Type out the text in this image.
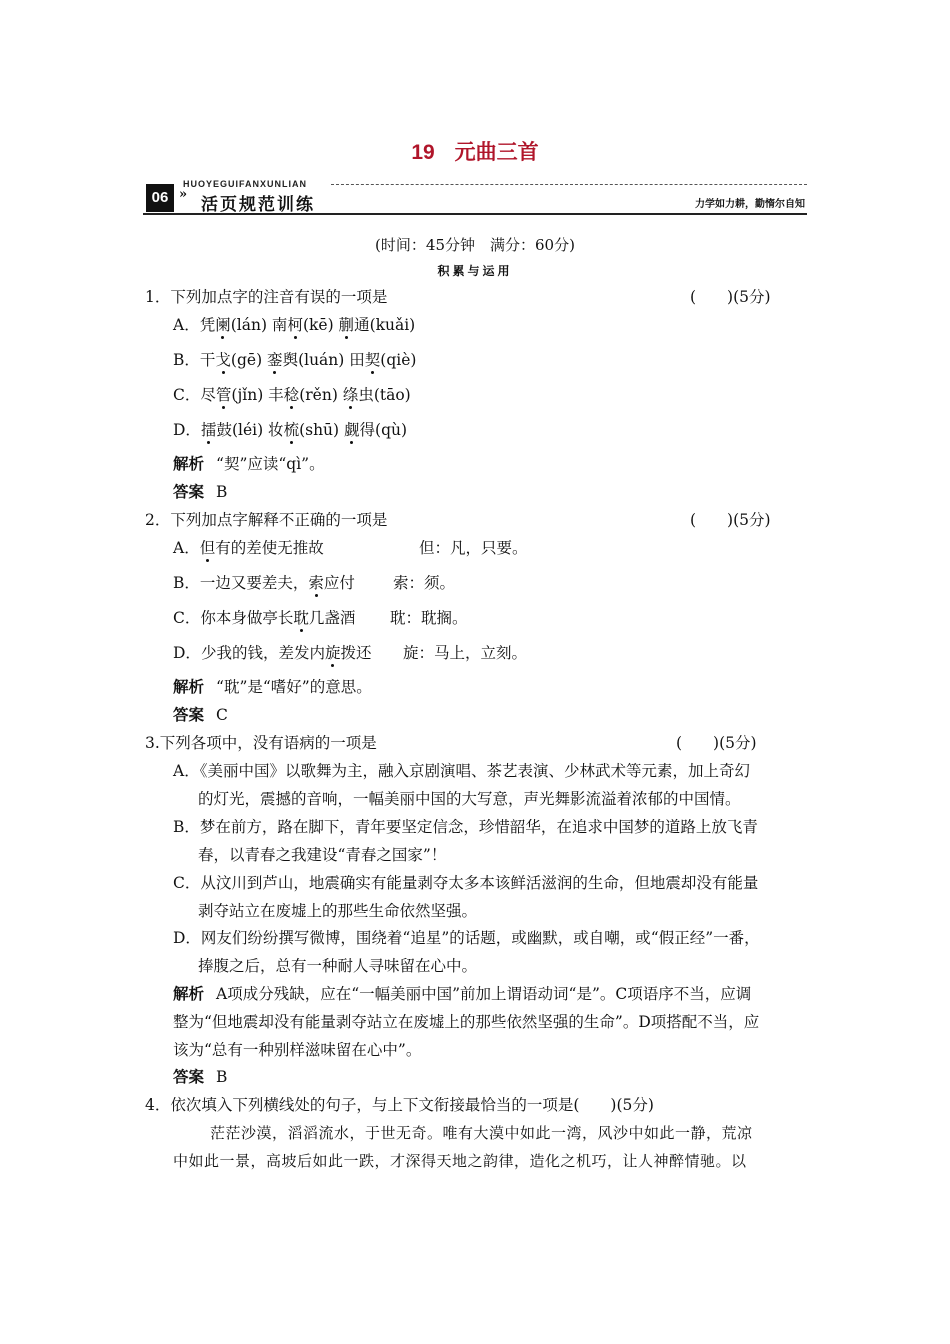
19 元曲三首
06
HUOYEGUIFANXUNLIAN
»
活页规范训练	力学如力耕，勤惰尔自知
(时间：45分钟　满分：60分)
积累与运用
1．下列加点字的注音有误的一项是	(　　)(5分)
A．凭阑(lán) 南柯(kē) 蒯通(kuǎi)
B．干戈(gē) 銮舆(luán) 田契(qiè)
C．尽管(jǐn) 丰稔(rěn) 绦虫(tāo)
D．擂鼓(léi) 妆梳(shū) 觑得(qù)
解析 “契”应读“qì”。
答案 B
2．下列加点字解释不正确的一项是	(　　)(5分)
A．但有的差使无推故	但：凡，只要。
B．一边又要差夫，索应付 索：须。
C．你本身做亭长耽几盏酒 耽：耽搁。
D．少我的钱，差发内旋拨还 旋：马上，立刻。
解析 “耽”是“嗜好”的意思。
答案 C
3.下列各项中，没有语病的一项是	(　　)(5分)
A．《美丽中国》以歌舞为主，融入京剧演唱、茶艺表演、少林武术等元素，加上奇幻
的灯光，震撼的音响，一幅美丽中国的大写意，声光舞影流溢着浓郁的中国情。
B．梦在前方，路在脚下，青年要坚定信念，珍惜韶华，在追求中国梦的道路上放飞青
春，以青春之我建设“青春之国家”！
C．从汶川到芦山，地震确实有能量剥夺太多本该鲜活滋润的生命，但地震却没有能量
剥夺站立在废墟上的那些生命依然坚强。
D．网友们纷纷撰写微博，围绕着“追星”的话题，或幽默，或自嘲，或“假正经”一番，
捧腹之后，总有一种耐人寻味留在心中。
解析 A项成分残缺，应在“一幅美丽中国”前加上谓语动词“是”。C项语序不当，应调
整为“但地震却没有能量剥夺站立在废墟上的那些依然坚强的生命”。D项搭配不当，应
该为“总有一种别样滋味留在心中”。
答案 B
4．依次填入下列横线处的句子，与上下文衔接最恰当的一项是(　　)(5分)
茫茫沙漠，滔滔流水，于世无奇。唯有大漠中如此一湾，风沙中如此一静，荒凉
中如此一景，高坡后如此一跌，才深得天地之韵律，造化之机巧，让人神醉情驰。以
